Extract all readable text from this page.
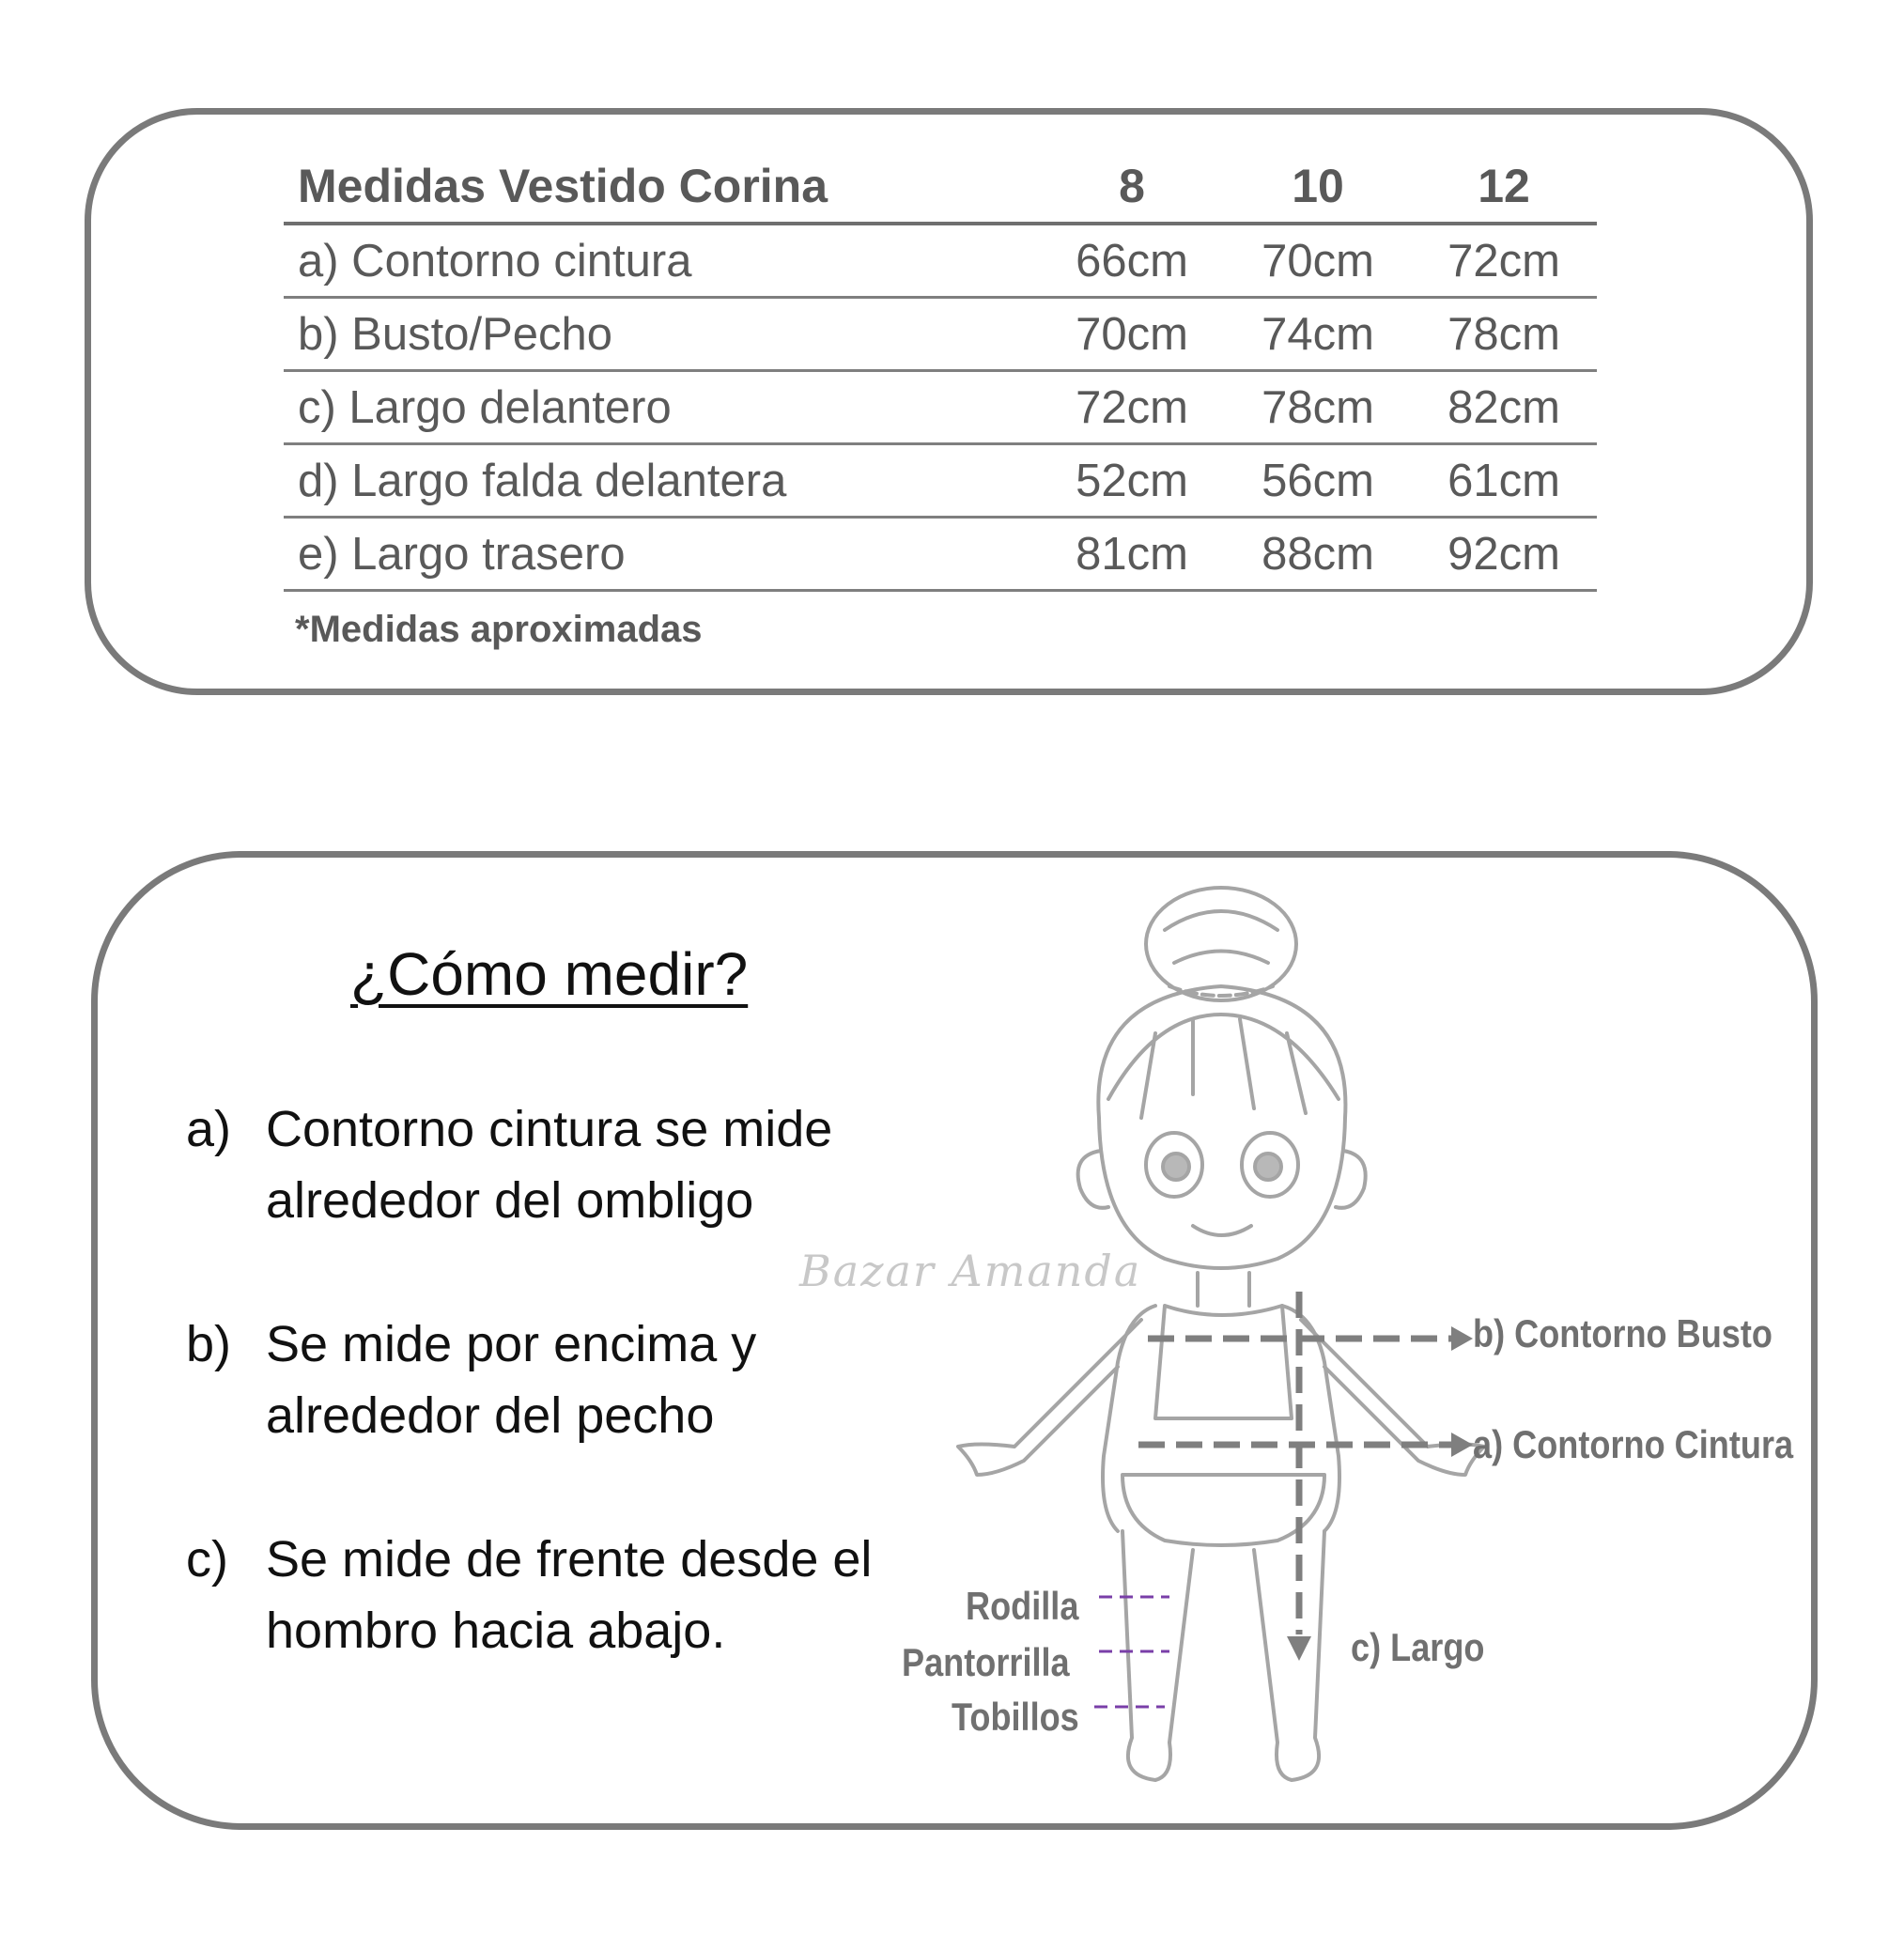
Medidas Vestido Corina	8	10	12
a) Contorno cintura	66cm	70cm	72cm
b) Busto/Pecho	70cm	74cm	78cm
c) Largo delantero	72cm	78cm	82cm
d) Largo falda delantera	52cm	56cm	61cm
e) Largo trasero	81cm	88cm	92cm
*Medidas aproximadas
¿Cómo medir?
a) Contorno cintura se mide alrededor del ombligo
b) Se mide por encima y alrededor del pecho
c) Se mide de frente desde el hombro hacia abajo.
Bazar Amanda
b) Contorno Busto
a) Contorno Cintura
c) Largo
Rodilla
Pantorrilla
Tobillos
